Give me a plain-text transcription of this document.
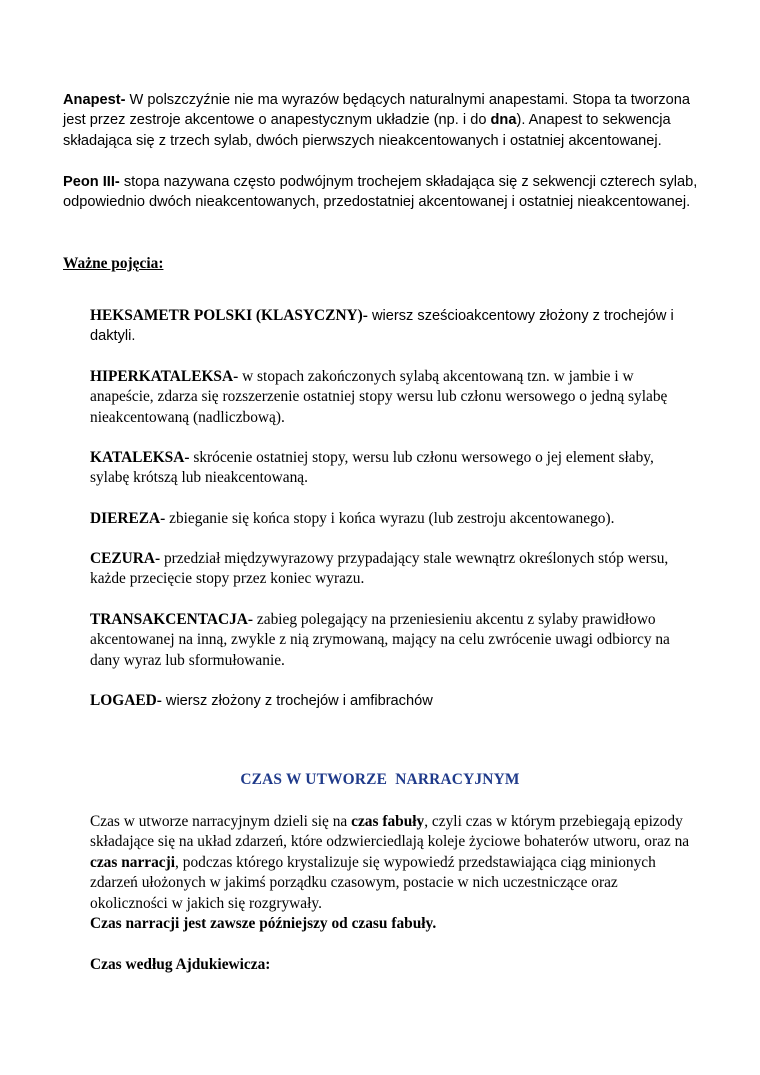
Anapest- W polszczyźnie nie ma wyrazów będących naturalnymi anapestami. Stopa ta tworzona jest przez zestroje akcentowe o anapestycznym układzie (np. i do dna). Anapest to sekwencja składająca się z trzech sylab, dwóch pierwszych nieakcentowanych i ostatniej akcentowanej.

Peon III- stopa nazywana często podwójnym trochejem składająca się z sekwencji czterech sylab, odpowiednio dwóch nieakcentowanych, przedostatniej akcentowanej i ostatniej nieakcentowanej.

Ważne pojęcia:

HEKSAMETR POLSKI (KLASYCZNY)- wiersz sześcioakcentowy złożony z trochejów i daktyli.

HIPERKATALEKSA- w stopach zakończonych sylabą akcentowaną tzn. w jambie i w anapeście, zdarza się rozszerzenie ostatniej stopy wersu lub członu wersowego o jedną sylabę nieakcentowaną (nadliczbową).

KATALEKSA- skrócenie ostatniej stopy, wersu lub członu wersowego o jej element słaby, sylabę krótszą lub nieakcentowaną.

DIEREZA- zbieganie się końca stopy i końca wyrazu (lub zestroju akcentowanego).

CEZURA- przedział międzywyrazowy przypadający stale wewnątrz określonych stóp wersu, każde przecięcie stopy przez koniec wyrazu.

TRANSAKCENTACJA- zabieg polegający na przeniesieniu akcentu z sylaby prawidłowo akcentowanej na inną, zwykle z nią zrymowaną, mający na celu zwrócenie uwagi odbiorcy na dany wyraz lub sformułowanie.

LOGAED- wiersz złożony z trochejów i amfibrachów

CZAS W UTWORZE  NARRACYJNYM

Czas w utworze narracyjnym dzieli się na czas fabuły, czyli czas w którym przebiegają epizody składające się na układ zdarzeń, które odzwierciedlają koleje życiowe bohaterów utworu, oraz na czas narracji, podczas którego krystalizuje się wypowiedź przedstawiająca ciąg minionych zdarzeń ułożonych w jakimś porządku czasowym, postacie w nich uczestniczące oraz okoliczności w jakich się rozgrywały.

Czas narracji jest zawsze późniejszy od czasu fabuły.

Czas według Ajdukiewicza:
